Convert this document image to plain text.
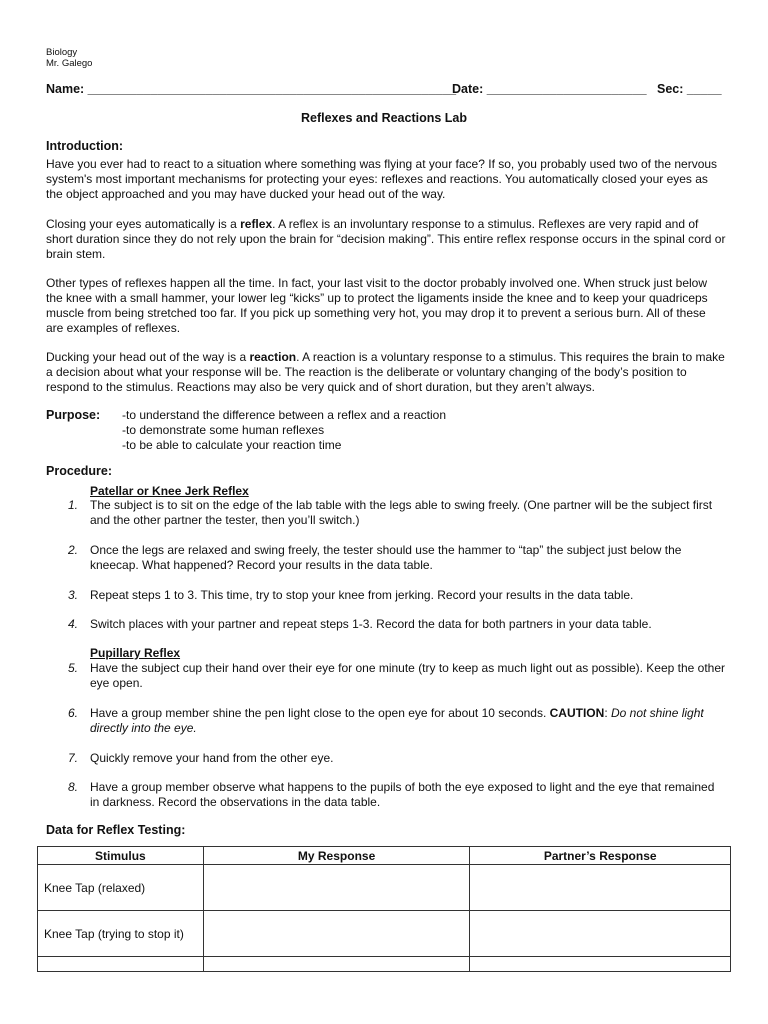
Biology
Mr. Galego
Name: _____________________________________________________
Date: _______________________ Sec: _____
Reflexes and Reactions Lab
Introduction:
Have you ever had to react to a situation where something was flying at your face? If so, you probably used two of the nervous system's most important mechanisms for protecting your eyes: reflexes and reactions. You automatically closed your eyes as the object approached and you may have ducked your head out of the way.
Closing your eyes automatically is a reflex. A reflex is an involuntary response to a stimulus. Reflexes are very rapid and of short duration since they do not rely upon the brain for “decision making”. This entire reflex response occurs in the spinal cord or brain stem.
Other types of reflexes happen all the time. In fact, your last visit to the doctor probably involved one. When struck just below the knee with a small hammer, your lower leg “kicks” up to protect the ligaments inside the knee and to keep your quadriceps muscle from being stretched too far. If you pick up something very hot, you may drop it to prevent a serious burn. All of these are examples of reflexes.
Ducking your head out of the way is a reaction. A reaction is a voluntary response to a stimulus. This requires the brain to make a decision about what your response will be. The reaction is the deliberate or voluntary changing of the body’s position to respond to the stimulus. Reactions may also be very quick and of short duration, but they aren’t always.
Purpose: -to understand the difference between a reflex and a reaction
-to demonstrate some human reflexes
-to be able to calculate your reaction time
Procedure:
Patellar or Knee Jerk Reflex
1. The subject is to sit on the edge of the lab table with the legs able to swing freely. (One partner will be the subject first and the other partner the tester, then you’ll switch.)
2. Once the legs are relaxed and swing freely, the tester should use the hammer to “tap” the subject just below the kneecap. What happened? Record your results in the data table.
3. Repeat steps 1 to 3. This time, try to stop your knee from jerking. Record your results in the data table.
4. Switch places with your partner and repeat steps 1-3. Record the data for both partners in your data table.
Pupillary Reflex
5. Have the subject cup their hand over their eye for one minute (try to keep as much light out as possible). Keep the other eye open.
6. Have a group member shine the pen light close to the open eye for about 10 seconds. CAUTION: Do not shine light directly into the eye.
7. Quickly remove your hand from the other eye.
8. Have a group member observe what happens to the pupils of both the eye exposed to light and the eye that remained in darkness. Record the observations in the data table.
Data for Reflex Testing:
Stimulus	My Response	Partner’s Response
Knee Tap (relaxed)		
Knee Tap (trying to stop it)		
